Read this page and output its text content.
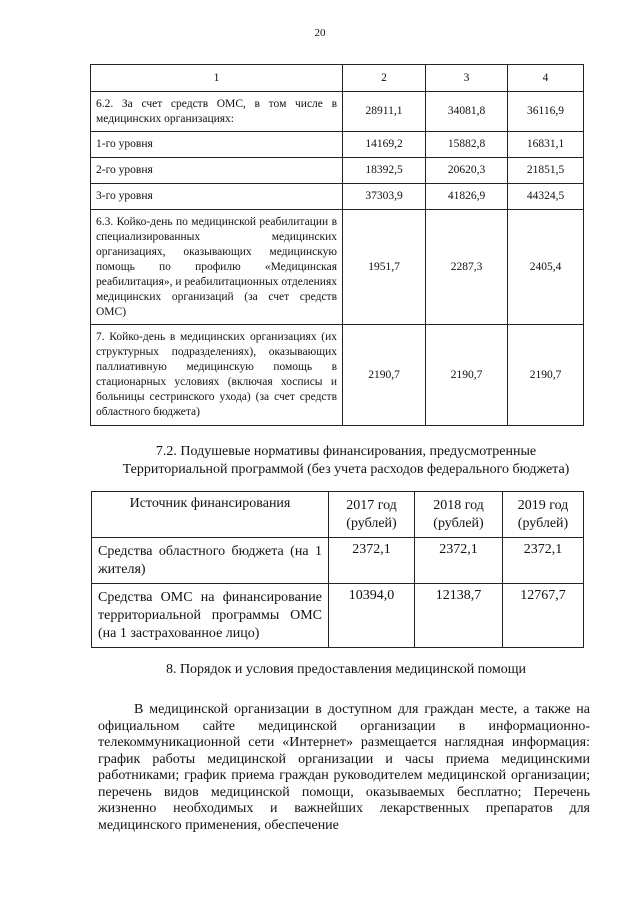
20
1	2	3	4
6.2. За счет средств ОМС, в том числе в медицинских организациях:	28911,1	34081,8	36116,9
1-го уровня	14169,2	15882,8	16831,1
2-го уровня	18392,5	20620,3	21851,5
3-го уровня	37303,9	41826,9	44324,5
6.3. Койко-день по медицинской реабилитации в специализированных медицинских организациях, оказывающих медицинскую помощь по профилю «Медицинская реабилитация», и реабилитационных отделениях медицинских организаций (за счет средств ОМС)	1951,7	2287,3	2405,4
7. Койко-день в медицинских организациях (их структурных подразделениях), оказывающих паллиативную медицинскую помощь в стационарных условиях (включая хосписы и больницы сестринского ухода) (за счет средств областного бюджета)	2190,7	2190,7	2190,7
7.2. Подушевые нормативы финансирования, предусмотренные
Территориальной программой (без учета расходов федерального бюджета)
Источник финансирования	2017 год (рублей)	2018 год (рублей)	2019 год (рублей)
Средства областного бюджета (на 1 жителя)	2372,1	2372,1	2372,1
Средства ОМС на финансирование территориальной программы ОМС (на 1 застрахованное лицо)	10394,0	12138,7	12767,7
8. Порядок и условия предоставления медицинской помощи

В медицинской организации в доступном для граждан месте, а также на официальном сайте медицинской организации в информационно-телекоммуникационной сети «Интернет» размещается наглядная информация: график работы медицинской организации и часы приема медицинскими работниками; график приема граждан руководителем медицинской организации; перечень видов медицинской помощи, оказываемых бесплатно; Перечень жизненно необходимых и важнейших лекарственных препаратов для медицинского применения, обеспечение
